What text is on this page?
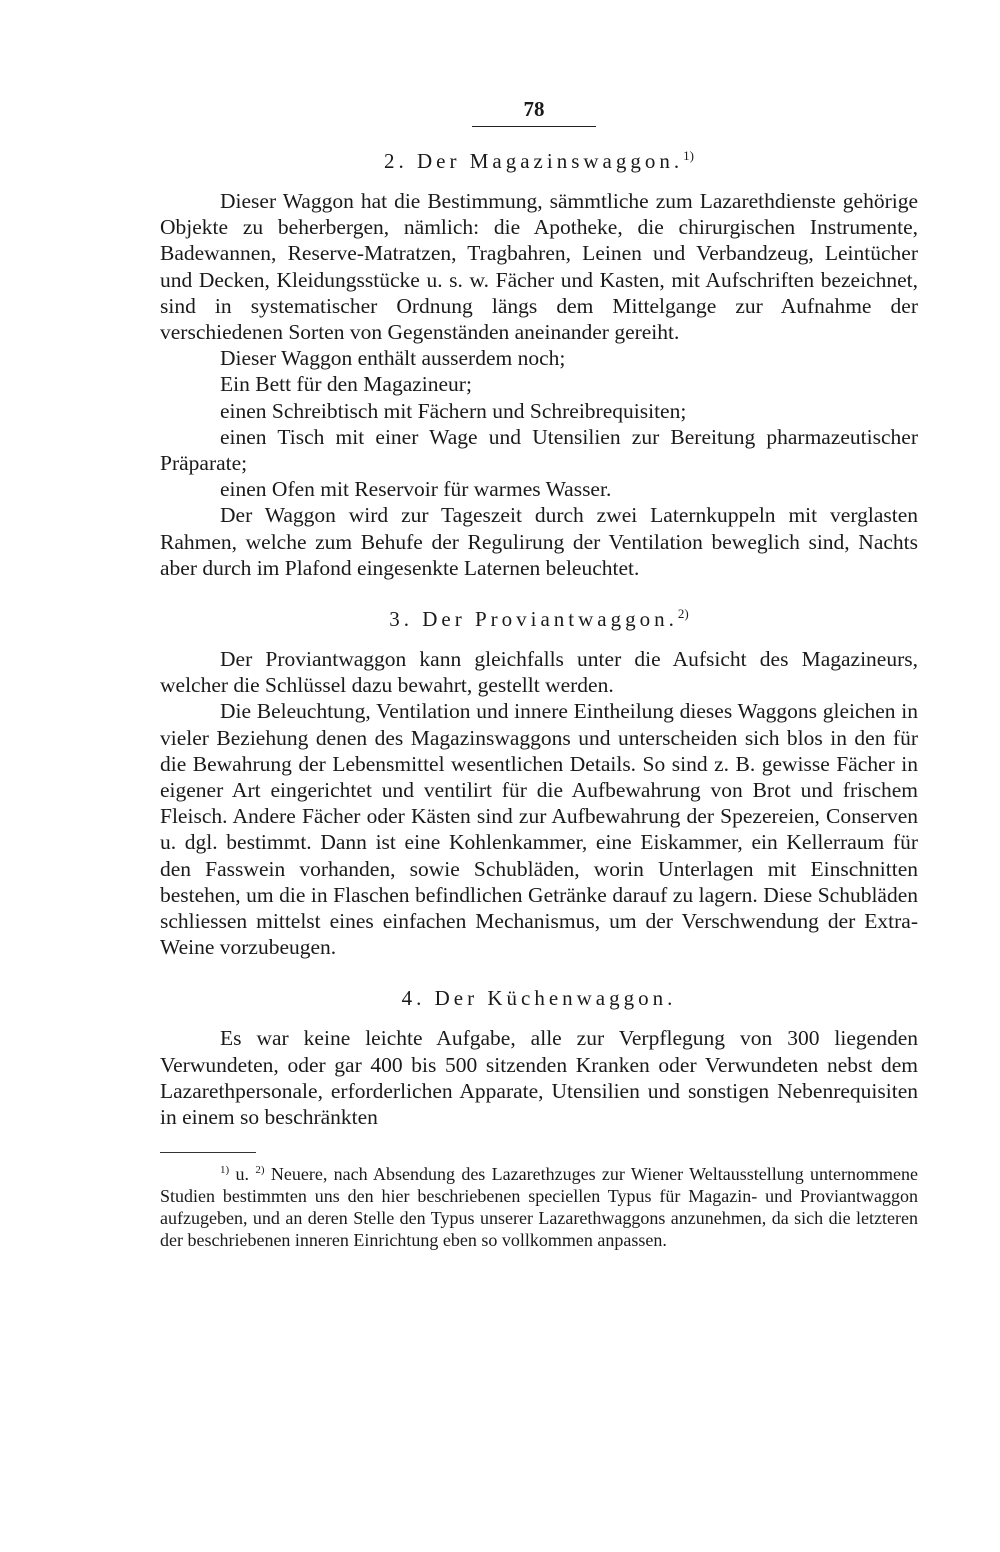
78
2. Der Magazinswaggon.$^{1)}$

Dieser Waggon hat die Bestimmung, sämmtliche zum Lazarethdienste gehörige Objekte zu beherbergen, nämlich: die Apotheke, die chirurgischen Instrumente, Badewannen, Reserve-Matratzen, Tragbahren, Leinen und Verbandzeug, Leintücher und Decken, Kleidungsstücke u. s. w. Fächer und Kasten, mit Aufschriften bezeichnet, sind in systematischer Ordnung längs dem Mittelgange zur Aufnahme der verschiedenen Sorten von Gegenständen aneinander gereiht.

Dieser Waggon enthält ausserdem noch;

Ein Bett für den Magazineur;

einen Schreibtisch mit Fächern und Schreibrequisiten;

einen Tisch mit einer Wage und Utensilien zur Bereitung pharmazeutischer Präparate;

einen Ofen mit Reservoir für warmes Wasser.

Der Waggon wird zur Tageszeit durch zwei Laternkuppeln mit verglasten Rahmen, welche zum Behufe der Regulirung der Ventilation beweglich sind, Nachts aber durch im Plafond eingesenkte Laternen beleuchtet.

3. Der Proviantwaggon.$^{2)}$

Der Proviantwaggon kann gleichfalls unter die Aufsicht des Magazineurs, welcher die Schlüssel dazu bewahrt, gestellt werden.

Die Beleuchtung, Ventilation und innere Eintheilung dieses Waggons gleichen in vieler Beziehung denen des Magazinswaggons und unterscheiden sich blos in den für die Bewahrung der Lebensmittel wesentlichen Details. So sind z. B. gewisse Fächer in eigener Art eingerichtet und ventilirt für die Aufbewahrung von Brot und frischem Fleisch. Andere Fächer oder Kästen sind zur Aufbewahrung der Spezereien, Conserven u. dgl. bestimmt. Dann ist eine Kohlenkammer, eine Eiskammer, ein Kellerraum für den Fasswein vorhanden, sowie Schubläden, worin Unterlagen mit Einschnitten bestehen, um die in Flaschen befindlichen Getränke darauf zu lagern. Diese Schubläden schliessen mittelst eines einfachen Mechanismus, um der Verschwendung der Extra-Weine vorzubeugen.

4. Der Küchenwaggon.

Es war keine leichte Aufgabe, alle zur Verpflegung von 300 liegenden Verwundeten, oder gar 400 bis 500 sitzenden Kranken oder Verwundeten nebst dem Lazarethpersonale, erforderlichen Apparate, Utensilien und sonstigen Nebenrequisiten in einem so beschränkten

$^{1)}$ u. $^{2)}$ Neuere, nach Absendung des Lazarethzuges zur Wiener Weltausstellung unternommene Studien bestimmten uns den hier beschriebenen speciellen Typus für Magazin- und Proviantwaggon aufzugeben, und an deren Stelle den Typus unserer Lazarethwaggons anzunehmen, da sich die letzteren der beschriebenen inneren Einrichtung eben so vollkommen anpassen.
